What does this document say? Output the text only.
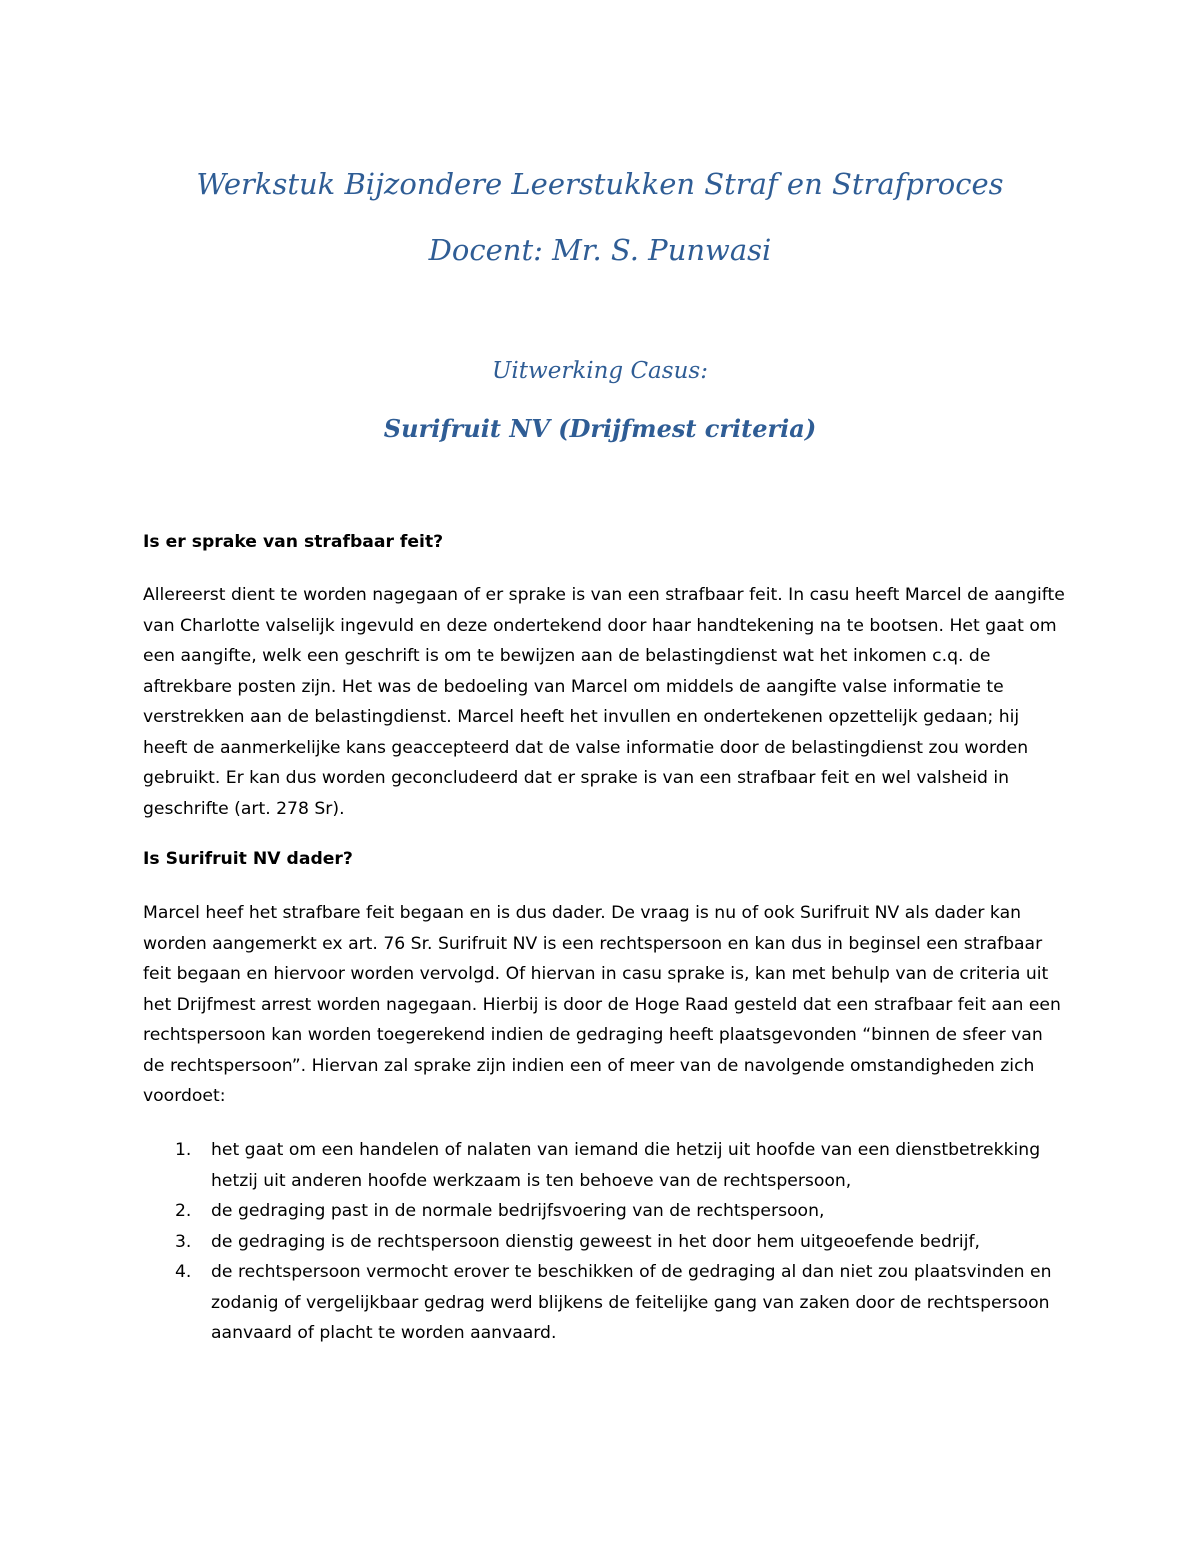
Werkstuk Bijzondere Leerstukken Straf en Strafproces
Docent: Mr. S. Punwasi
Uitwerking Casus:
Surifruit NV (Drijfmest criteria)
Is er sprake van strafbaar feit?
Allereerst dient te worden nagegaan of er sprake is van een strafbaar feit. In casu heeft Marcel de aangifte van Charlotte valselijk ingevuld en deze ondertekend door haar handtekening na te bootsen. Het gaat om een aangifte, welk een geschrift is om te bewijzen aan de belastingdienst wat het inkomen c.q. de aftrekbare posten zijn. Het was de bedoeling van Marcel om middels de aangifte valse informatie te verstrekken aan de belastingdienst. Marcel heeft het invullen en ondertekenen opzettelijk gedaan; hij heeft de aanmerkelijke kans geaccepteerd dat de valse informatie door de belastingdienst zou worden gebruikt. Er kan dus worden geconcludeerd dat er sprake is van een strafbaar feit en wel valsheid in geschrifte (art. 278 Sr).
Is Surifruit NV dader?
Marcel heef het strafbare feit begaan en is dus dader. De vraag is nu of ook Surifruit NV als dader kan worden aangemerkt ex art. 76 Sr. Surifruit NV is een rechtspersoon en kan dus in beginsel een strafbaar feit begaan en hiervoor worden vervolgd. Of hiervan in casu sprake is, kan met behulp van de criteria uit het Drijfmest arrest worden nagegaan. Hierbij is door de Hoge Raad gesteld dat een strafbaar feit aan een rechtspersoon kan worden toegerekend indien de gedraging heeft plaatsgevonden “binnen de sfeer van de rechtspersoon”. Hiervan zal sprake zijn indien een of meer van de navolgende omstandigheden zich voordoet:
1. het gaat om een handelen of nalaten van iemand die hetzij uit hoofde van een dienstbetrekking hetzij uit anderen hoofde werkzaam is ten behoeve van de rechtspersoon,
2. de gedraging past in de normale bedrijfsvoering van de rechtspersoon,
3. de gedraging is de rechtspersoon dienstig geweest in het door hem uitgeoefende bedrijf,
4. de rechtspersoon vermocht erover te beschikken of de gedraging al dan niet zou plaatsvinden en zodanig of vergelijkbaar gedrag werd blijkens de feitelijke gang van zaken door de rechtspersoon aanvaard of placht te worden aanvaard.
